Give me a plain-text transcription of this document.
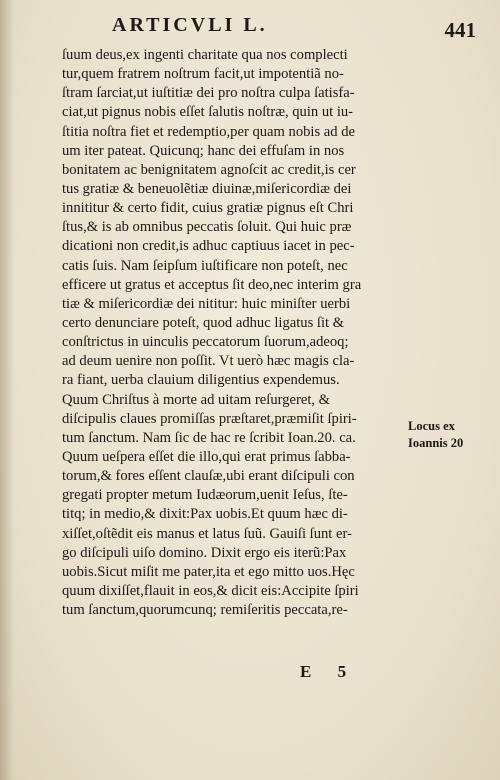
ARTICVLI L.	441
ſuum deus,ex ingenti charitate qua nos complecti
tur,quem fratrem noſtrum facit,ut impotentiã no-
ſtram ſarciat,ut iuſtitiæ dei pro noſtra culpa ſatisfa-
ciat,ut pignus nobis eſſet ſalutis noſtræ, quin ut iu-
ſtitia noſtra fiet et redemptio,per quam nobis ad de
um iter pateat. Quicunq; hanc dei effuſam in nos
bonitatem ac benignitatem agnoſcit ac credit,is cer
tus gratiæ & beneuolẽtiæ diuinæ,miſericordiæ dei
innititur & certo fidit, cuius gratiæ pignus eſt Chri
ſtus,& is ab omnibus peccatis ſoluit. Qui huic præ
dicationi non credit,is adhuc captiuus iacet in pec-
catis ſuis. Nam ſeipſum iuſtificare non poteſt, nec
efficere ut gratus et acceptus ſit deo,nec interim gra
tiæ & miſericordiæ dei nititur: huic miniſter uerbi
certo denunciare poteſt, quod adhuc ligatus ſit &
conſtrictus in uinculis peccatorum ſuorum,adeoq;
ad deum uenire non poſſit. Vt uerò hæc magis cla-
ra fiant, uerba clauium diligentius expendemus.
Quum Chriſtus à morte ad uitam reſurgeret, &
diſcipulis claues promiſſas præſtaret,præmiſit ſpiri-
tum ſanctum. Nam ſic de hac re ſcribit Ioan.20. ca.
Quum ueſpera eſſet die illo,qui erat primus ſabba-
torum,& fores eſſent clauſæ,ubi erant diſcipuli con
gregati propter metum Iudæorum,uenit Ieſus, ſte-
titq; in medio,& dixit:Pax uobis.Et quum hæc di-
xiſſet,oſtẽdit eis manus et latus ſuũ. Gauiſi ſunt er-
go diſcipuli uiſo domino. Dixit ergo eis iterũ:Pax
uobis.Sicut miſit me pater,ita et ego mitto uos.Hęc
quum dixiſſet,flauit in eos,& dicit eis:Accipite ſpiri
tum ſanctum,quorumcunq; remiſeritis peccata,re-
Locus ex
Ioannis 20
E 5
